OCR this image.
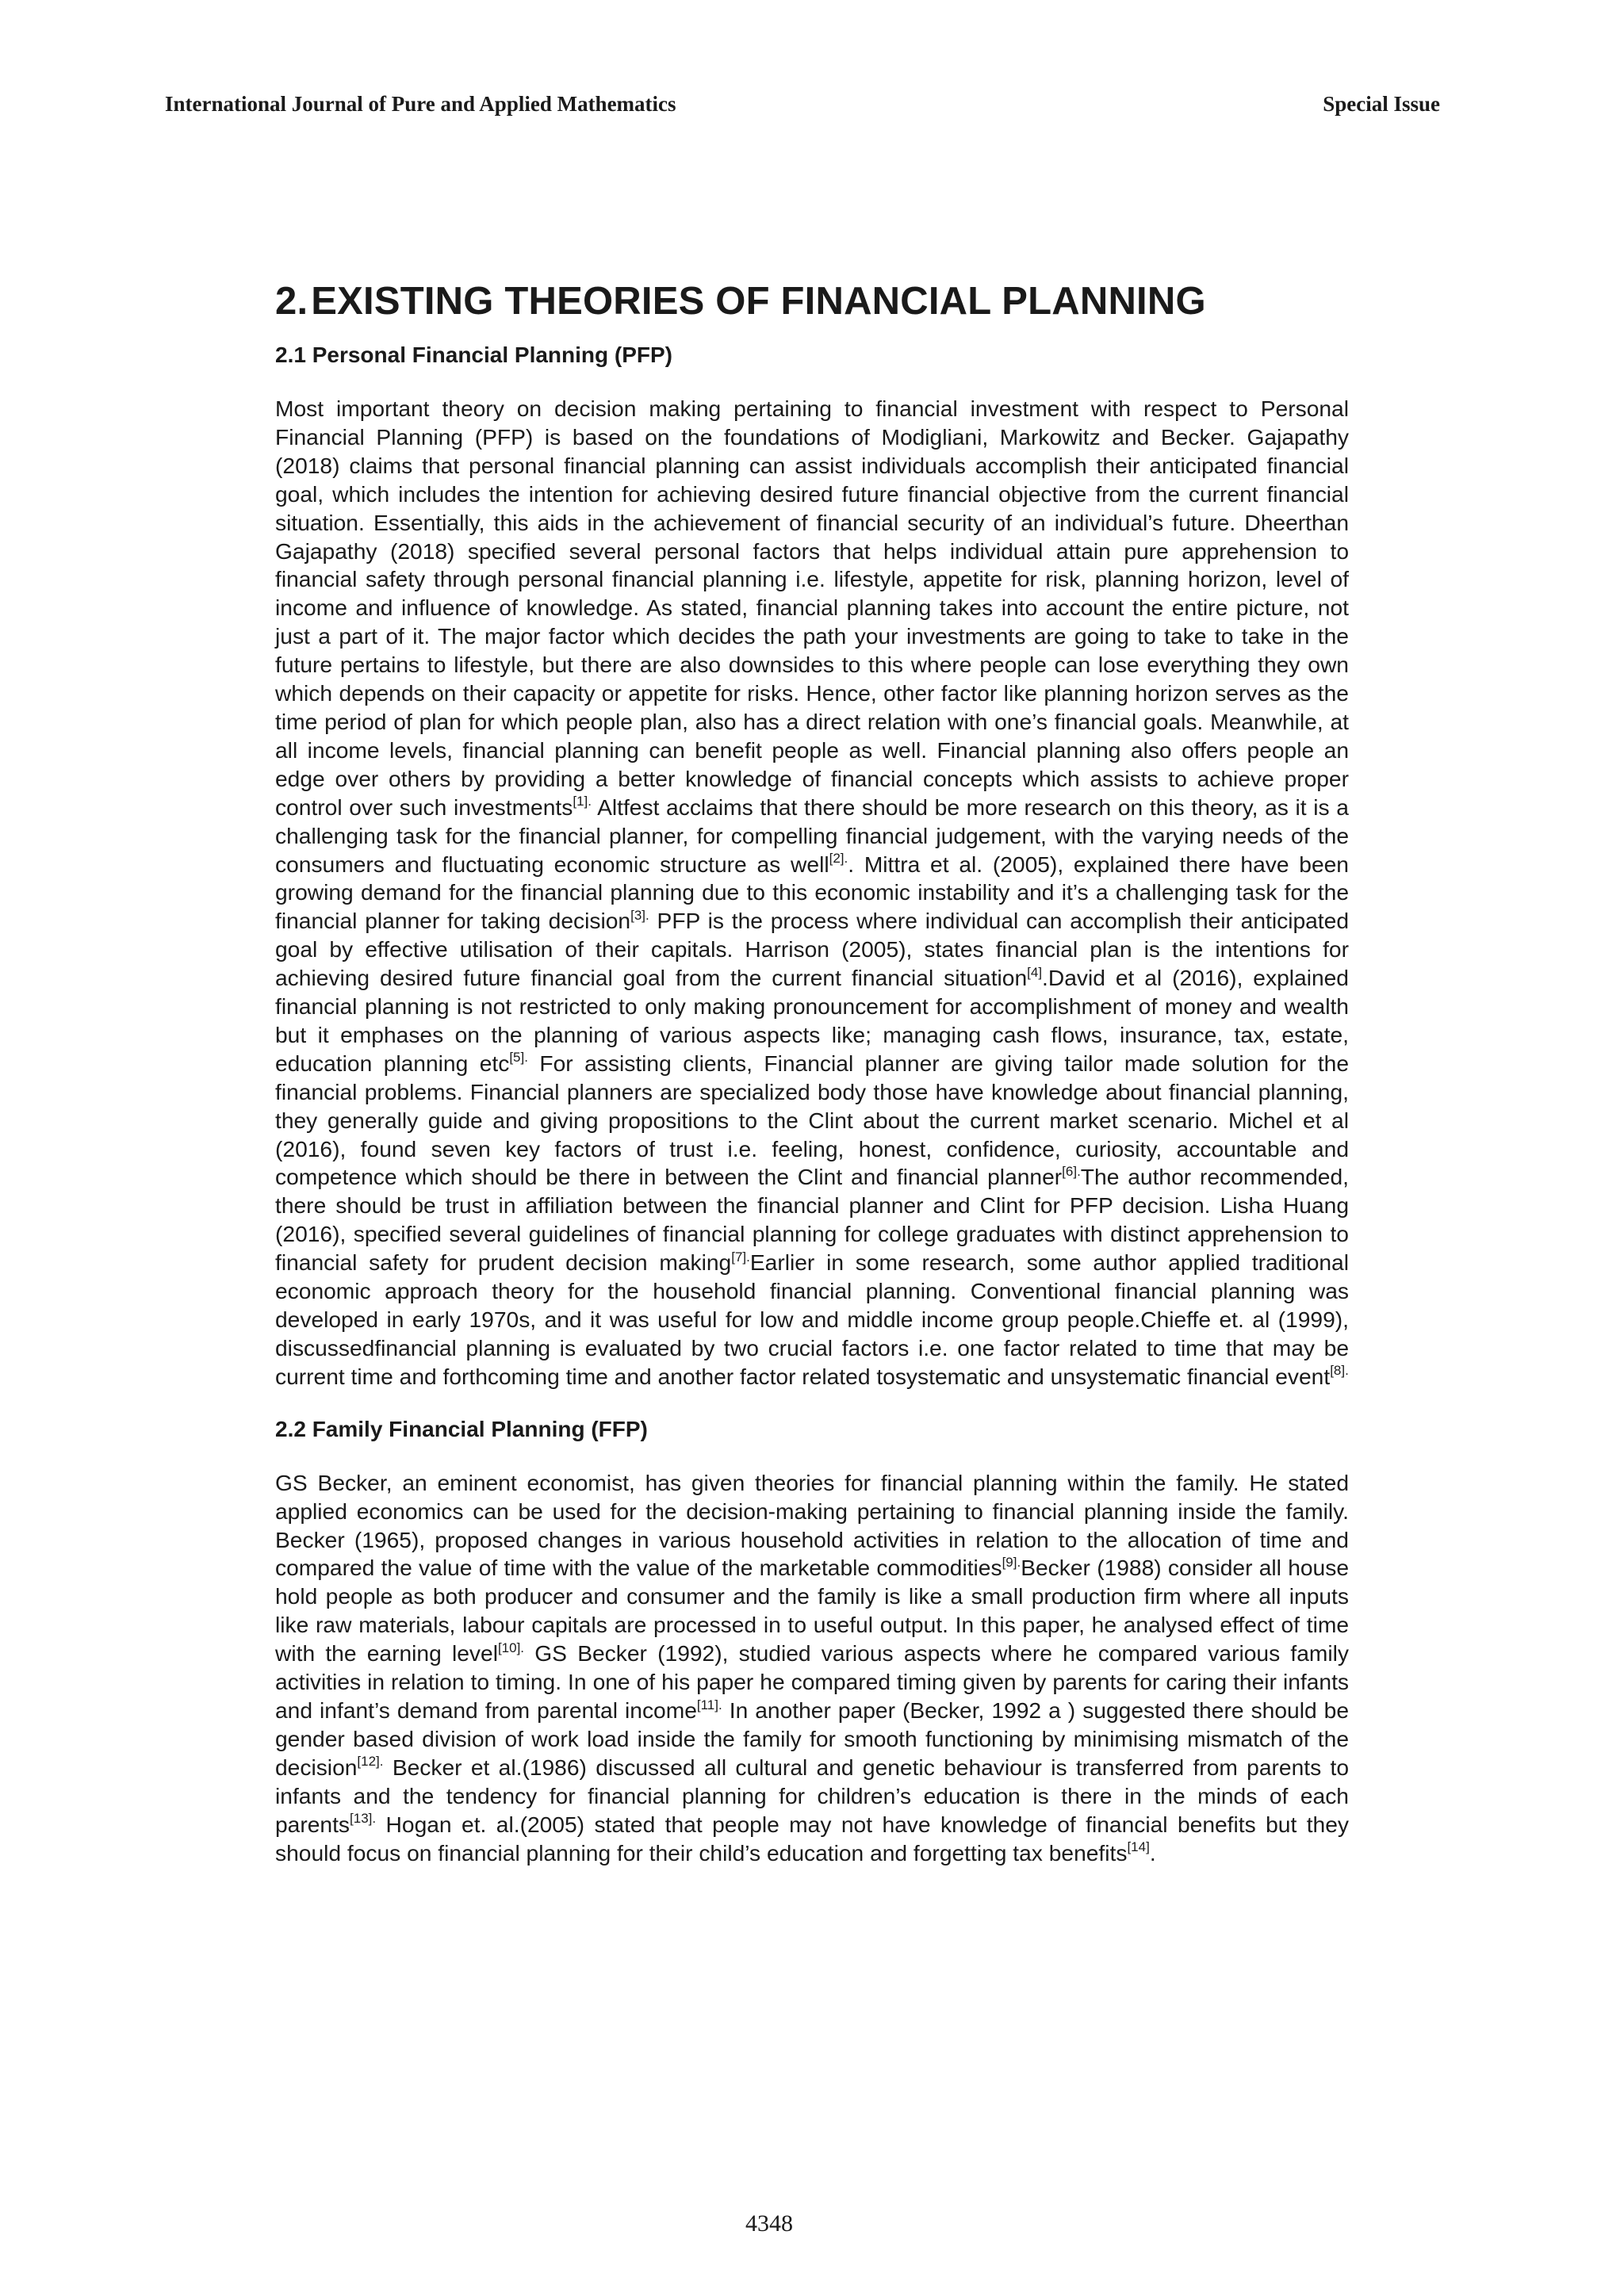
International Journal of Pure and Applied Mathematics	Special Issue
2.EXISTING THEORIES OF FINANCIAL PLANNING
2.1 Personal Financial Planning (PFP)

Most important theory on decision making pertaining to financial investment with respect to Personal Financial Planning (PFP) is based on the foundations of Modigliani, Markowitz and Becker. Gajapathy (2018) claims that personal financial planning can assist individuals accomplish their anticipated financial goal, which includes the intention for achieving desired future financial objective from the current financial situation. Essentially, this aids in the achievement of financial security of an individual’s future. Dheerthan Gajapathy (2018) specified several personal factors that helps individual attain pure apprehension to financial safety through personal financial planning i.e. lifestyle, appetite for risk, planning horizon, level of income and influence of knowledge. As stated, financial planning takes into account the entire picture, not just a part of it. The major factor which decides the path your investments are going to take to take in the future pertains to lifestyle, but there are also downsides to this where people can lose everything they own which depends on their capacity or appetite for risks. Hence, other factor like planning horizon serves as the time period of plan for which people plan, also has a direct relation with one’s financial goals. Meanwhile, at all income levels, financial planning can benefit people as well. Financial planning also offers people an edge over others by providing a better knowledge of financial concepts which assists to achieve proper control over such investments$^{[1].}$ Altfest acclaims that there should be more research on this theory, as it is a challenging task for the financial planner, for compelling financial judgement, with the varying needs of the consumers and fluctuating economic structure as well$^{[2].}$. Mittra et al. (2005), explained there have been growing demand for the financial planning due to this economic instability and it’s a challenging task for the financial planner for taking decision$^{[3].}$ PFP is the process where individual can accomplish their anticipated goal by effective utilisation of their capitals. Harrison (2005), states financial plan is the intentions for achieving desired future financial goal from the current financial situation[4].David et al (2016), explained financial planning is not restricted to only making pronouncement for accomplishment of money and wealth but it emphases on the planning of various aspects like; managing cash flows, insurance, tax, estate, education planning etc$^{[5].}$ For assisting clients, Financial planner are giving tailor made solution for the financial problems. Financial planners are specialized body those have knowledge about financial planning, they generally guide and giving propositions to the Clint about the current market scenario. Michel et al (2016), found seven key factors of trust i.e. feeling, honest, confidence, curiosity, accountable and competence which should be there in between the Clint and financial planner$^{[6].}$The author recommended, there should be trust in affiliation between the financial planner and Clint for PFP decision. Lisha Huang (2016), specified several guidelines of financial planning for college graduates with distinct apprehension to financial safety for prudent decision making$^{[7].}$Earlier in some research, some author applied traditional economic approach theory for the household financial planning. Conventional financial planning was developed in early 1970s, and it was useful for low and middle income group people.Chieffe et. al (1999), discussedfinancial planning is evaluated by two crucial factors i.e. one factor related to time that may be current time and forthcoming time and another factor related tosystematic and unsystematic financial event$^{[8].}$

2.2 Family Financial Planning (FFP)

GS Becker, an eminent economist, has given theories for financial planning within the family. He stated applied economics can be used for the decision-making pertaining to financial planning inside the family. Becker (1965), proposed changes in various household activities in relation to the allocation of time and compared the value of time with the value of the marketable commodities$^{[9].}$Becker (1988) consider all house hold people as both producer and consumer and the family is like a small production firm where all inputs like raw materials, labour capitals are processed in to useful output. In this paper, he analysed effect of time with the earning level$^{[10].}$ GS Becker (1992), studied various aspects where he compared various family activities in relation to timing. In one of his paper he compared timing given by parents for caring their infants and infant’s demand from parental income$^{[11].}$ In another paper (Becker, 1992 a ) suggested there should be gender based division of work load inside the family for smooth functioning by minimising mismatch of the decision$^{[12].}$ Becker et al.(1986) discussed all cultural and genetic behaviour is transferred from parents to infants and the tendency for financial planning for children’s education is there in the minds of each parents$^{[13].}$ Hogan et. al.(2005) stated that people may not have knowledge of financial benefits but they should focus on financial planning for their child’s education and forgetting tax benefits[14].

4348
